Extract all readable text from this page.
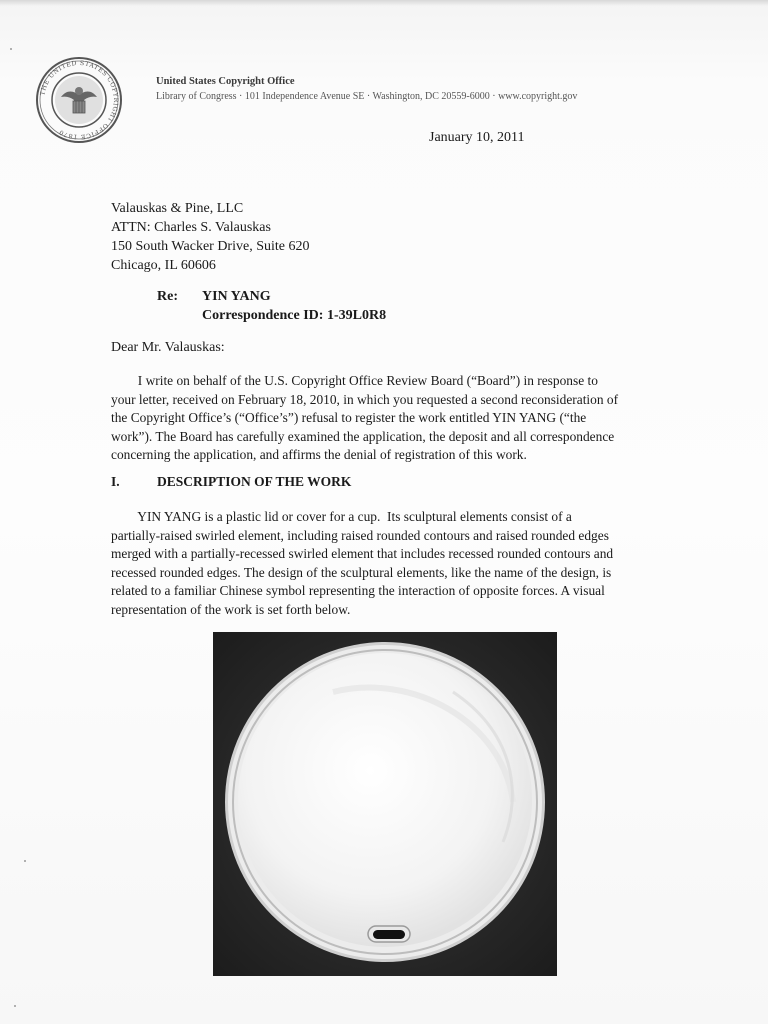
THE UNITED STATES COPYRIGHT OFFICE 1870

United States Copyright Office

Library of Congress · 101 Independence Avenue SE · Washington, DC 20559-6000 · www.copyright.gov

January 10, 2011
Valauskas & Pine, LLC
ATTN: Charles S. Valauskas
150 South Wacker Drive, Suite 620
Chicago, IL 60606
Re: YIN YANG
Correspondence ID: 1-39L0R8
Dear Mr. Valauskas:
I write on behalf of the U.S. Copyright Office Review Board (“Board”) in response to
your letter, received on February 18, 2010, in which you requested a second reconsideration of
the Copyright Office’s (“Office’s”) refusal to register the work entitled YIN YANG (“the
work”). The Board has carefully examined the application, the deposit and all correspondence
concerning the application, and affirms the denial of registration of this work.
I.	DESCRIPTION OF THE WORK
YIN YANG is a plastic lid or cover for a cup.  Its sculptural elements consist of a
partially-raised swirled element, including raised rounded contours and raised rounded edges
merged with a partially-recessed swirled element that includes recessed rounded contours and
recessed rounded edges. The design of the sculptural elements, like the name of the design, is
related to a familiar Chinese symbol representing the interaction of opposite forces. A visual
representation of the work is set forth below.
